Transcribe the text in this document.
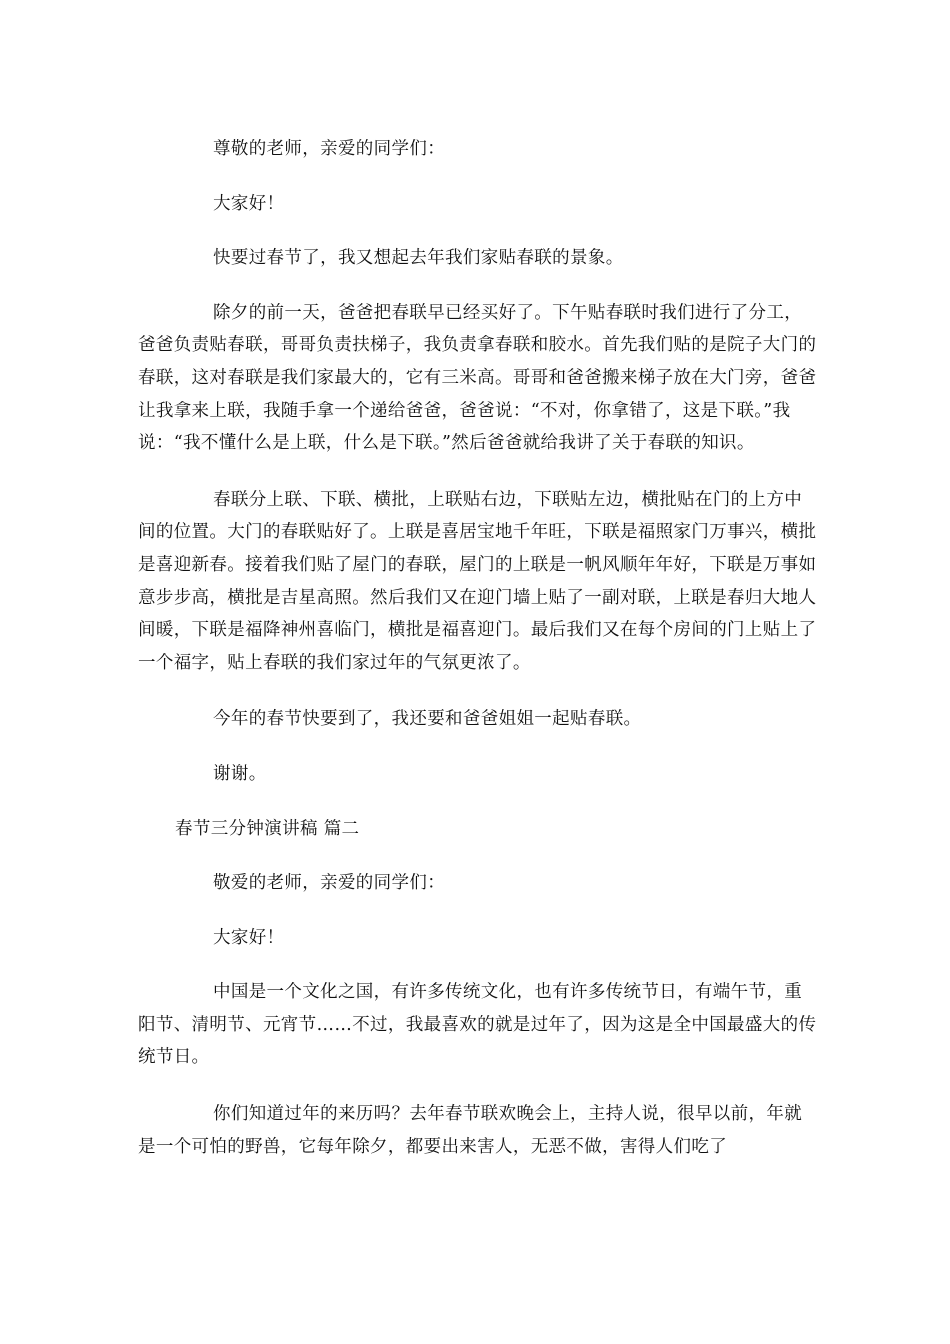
尊敬的老师，亲爱的同学们：

大家好！

快要过春节了，我又想起去年我们家贴春联的景象。

除夕的前一天，爸爸把春联早已经买好了。下午贴春联时我们进行了分工，爸爸负责贴春联，哥哥负责扶梯子，我负责拿春联和胶水。首先我们贴的是院子大门的春联，这对春联是我们家最大的，它有三米高。哥哥和爸爸搬来梯子放在大门旁，爸爸让我拿来上联，我随手拿一个递给爸爸，爸爸说：“不对，你拿错了，这是下联。”我说：“我不懂什么是上联，什么是下联。”然后爸爸就给我讲了关于春联的知识。

春联分上联、下联、横批，上联贴右边，下联贴左边，横批贴在门的上方中间的位置。大门的春联贴好了。上联是喜居宝地千年旺，下联是福照家门万事兴，横批是喜迎新春。接着我们贴了屋门的春联，屋门的上联是一帆风顺年年好，下联是万事如意步步高，横批是吉星高照。然后我们又在迎门墙上贴了一副对联，上联是春归大地人间暖，下联是福降神州喜临门，横批是福喜迎门。最后我们又在每个房间的门上贴上了一个福字，贴上春联的我们家过年的气氛更浓了。

今年的春节快要到了，我还要和爸爸姐姐一起贴春联。

谢谢。

春节三分钟演讲稿 篇二

敬爱的老师，亲爱的同学们：

大家好！

中国是一个文化之国，有许多传统文化，也有许多传统节日，有端午节，重阳节、清明节、元宵节……不过，我最喜欢的就是过年了，因为这是全中国最盛大的传统节日。

你们知道过年的来历吗？去年春节联欢晚会上，主持人说，很早以前，年就是一个可怕的野兽，它每年除夕，都要出来害人，无恶不做，害得人们吃了
